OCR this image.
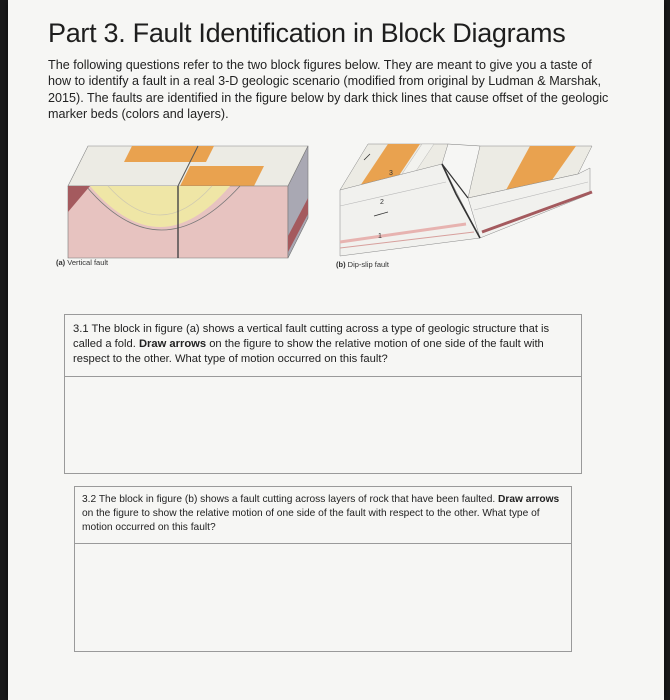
Part 3. Fault Identification in Block Diagrams

The following questions refer to the two block figures below. They are meant to give you a taste of how to identify a fault in a real 3-D geologic scenario (modified from original by Ludman & Marshak, 2015). The faults are identified in the figure below by dark thick lines that cause offset of the geologic marker beds (colors and layers).

(a) Vertical fault
3
2
1
(b) Dip-slip fault
3.1 The block in figure (a) shows a vertical fault cutting across a type of geologic structure that is called a fold. Draw arrows on the figure to show the relative motion of one side of the fault with respect to the other. What type of motion occurred on this fault?
3.2 The block in figure (b) shows a fault cutting across layers of rock that have been faulted. Draw arrows on the figure to show the relative motion of one side of the fault with respect to the other. What type of motion occurred on this fault?
